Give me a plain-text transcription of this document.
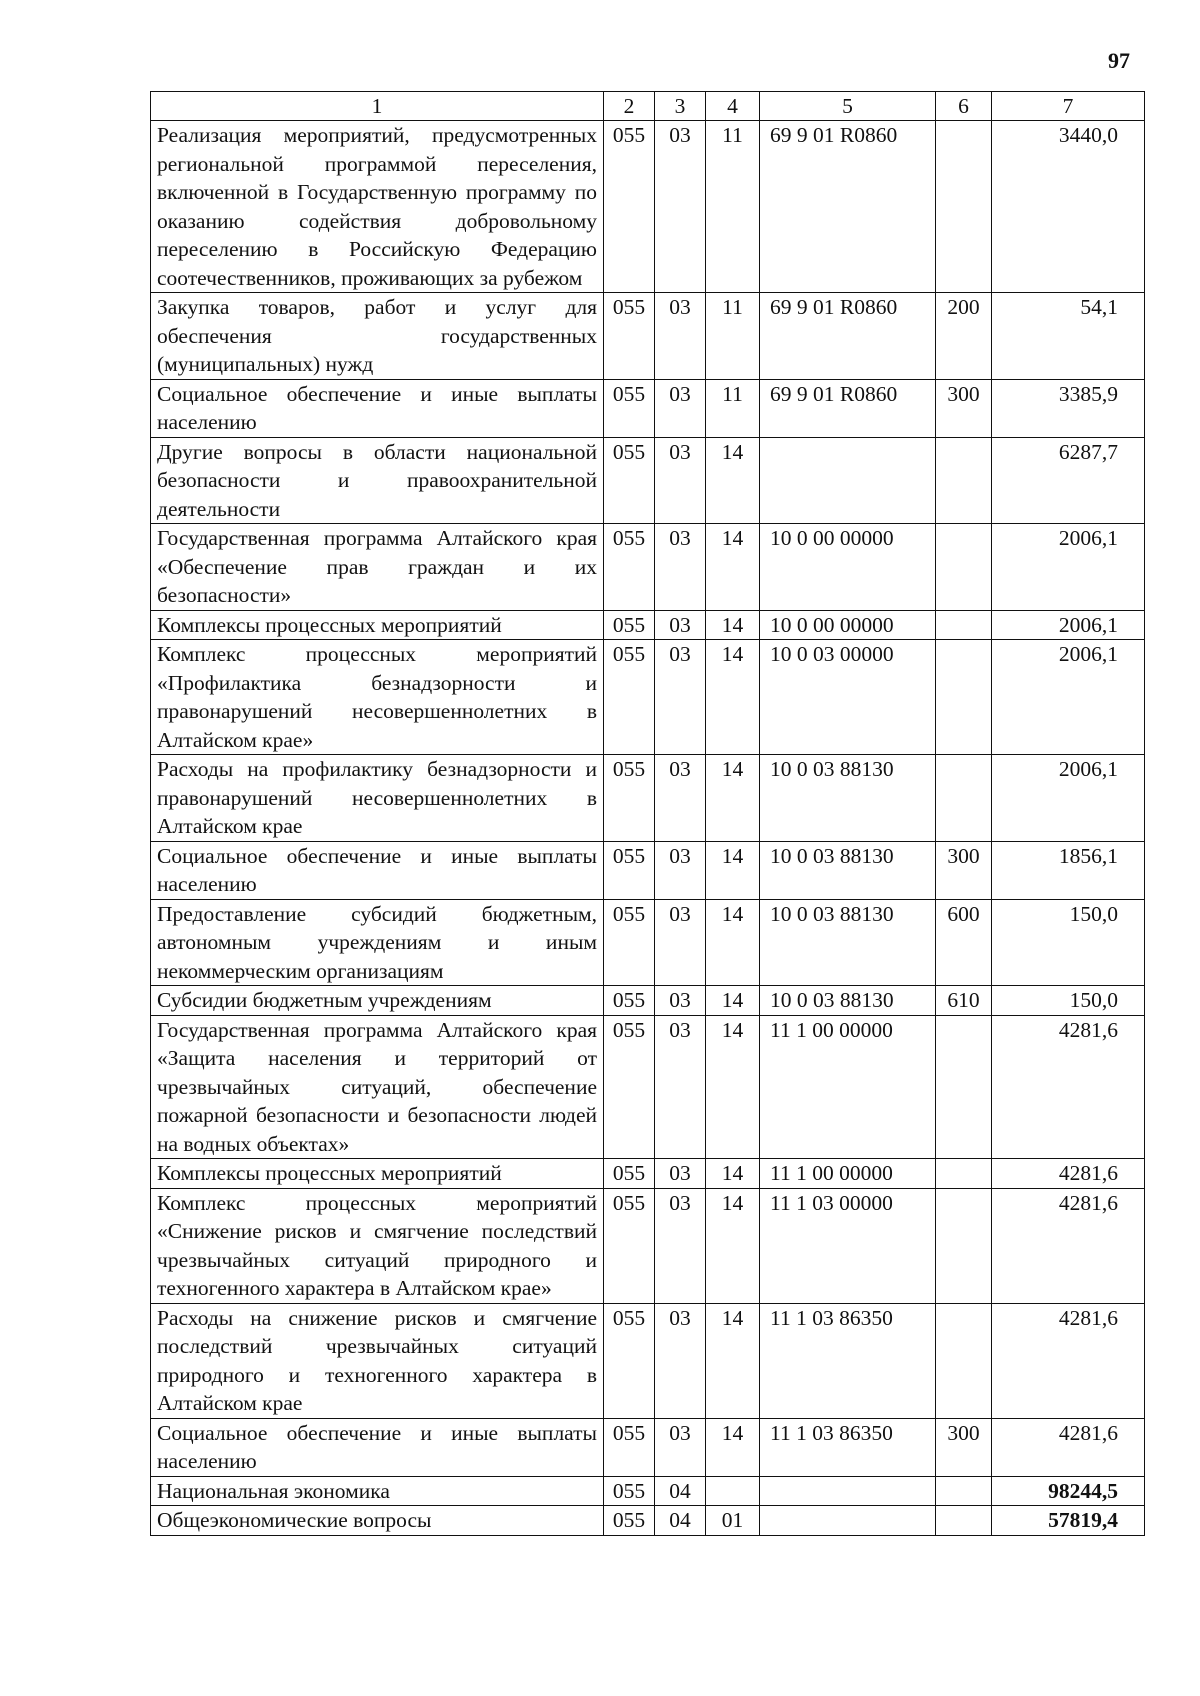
97
1	2	3	4	5	6	7
Реализация мероприятий, предусмотренных региональной программой переселения, включенной в Государственную программу по оказанию содействия добровольному переселению в Российскую Федерацию соотечественников, проживающих за рубежом	055	03	11	69 9 01 R0860		3440,0
Закупка товаров, работ и услуг для обеспечения государственных (муниципальных) нужд	055	03	11	69 9 01 R0860	200	54,1
Социальное обеспечение и иные выплаты населению	055	03	11	69 9 01 R0860	300	3385,9
Другие вопросы в области национальной безопасности и правоохранительной деятельности	055	03	14			6287,7
Государственная программа Алтайского края «Обеспечение прав граждан и их безопасности»	055	03	14	10 0 00 00000		2006,1
Комплексы процессных мероприятий	055	03	14	10 0 00 00000		2006,1
Комплекс процессных мероприятий «Профилактика безнадзорности и правонарушений несовершеннолетних в Алтайском крае»	055	03	14	10 0 03 00000		2006,1
Расходы на профилактику безнадзорности и правонарушений несовершеннолетних в Алтайском крае	055	03	14	10 0 03 88130		2006,1
Социальное обеспечение и иные выплаты населению	055	03	14	10 0 03 88130	300	1856,1
Предоставление субсидий бюджетным, автономным учреждениям и иным некоммерческим организациям	055	03	14	10 0 03 88130	600	150,0
Субсидии бюджетным учреждениям	055	03	14	10 0 03 88130	610	150,0
Государственная программа Алтайского края «Защита населения и территорий от чрезвычайных ситуаций, обеспечение пожарной безопасности и безопасности людей на водных объектах»	055	03	14	11 1 00 00000		4281,6
Комплексы процессных мероприятий	055	03	14	11 1 00 00000		4281,6
Комплекс процессных мероприятий «Снижение рисков и смягчение последствий чрезвычайных ситуаций природного и техногенного характера в Алтайском крае»	055	03	14	11 1 03 00000		4281,6
Расходы на снижение рисков и смягчение последствий чрезвычайных ситуаций природного и техногенного характера в Алтайском крае	055	03	14	11 1 03 86350		4281,6
Социальное обеспечение и иные выплаты населению	055	03	14	11 1 03 86350	300	4281,6
Национальная экономика	055	04				98244,5
Общеэкономические вопросы	055	04	01			57819,4
